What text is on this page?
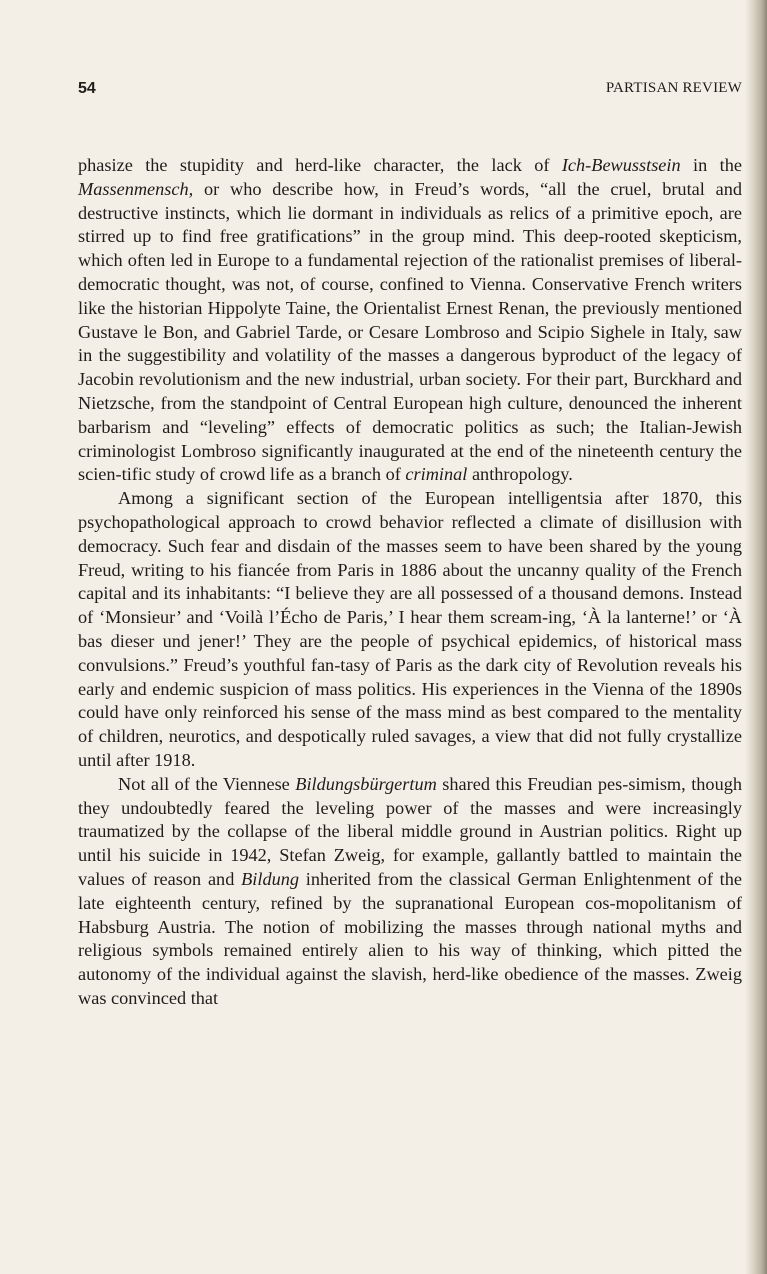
54	PARTISAN REVIEW

phasize the stupidity and herd-like character, the lack of Ich-Bewusstsein in the Massenmensch, or who describe how, in Freud’s words, “all the cruel, brutal and destructive instincts, which lie dormant in individuals as relics of a primitive epoch, are stirred up to find free gratifications” in the group mind. This deep-rooted skepticism, which often led in Europe to a fundamental rejection of the rationalist premises of liberal-democratic thought, was not, of course, confined to Vienna. Conservative French writers like the historian Hippolyte Taine, the Orientalist Ernest Renan, the previously mentioned Gustave le Bon, and Gabriel Tarde, or Cesare Lombroso and Scipio Sighele in Italy, saw in the suggestibility and volatility of the masses a dangerous byproduct of the legacy of Jacobin revolutionism and the new industrial, urban society. For their part, Burckhard and Nietzsche, from the standpoint of Central European high culture, denounced the inherent barbarism and “leveling” effects of democratic politics as such; the Italian-Jewish criminologist Lombroso significantly inaugurated at the end of the nineteenth century the scien-tific study of crowd life as a branch of criminal anthropology.

Among a significant section of the European intelligentsia after 1870, this psychopathological approach to crowd behavior reflected a climate of disillusion with democracy. Such fear and disdain of the masses seem to have been shared by the young Freud, writing to his fiancée from Paris in 1886 about the uncanny quality of the French capital and its inhabitants: “I believe they are all possessed of a thousand demons. Instead of ‘Monsieur’ and ‘Voilà l’Écho de Paris,’ I hear them scream-ing, ‘À la lanterne!’ or ‘À bas dieser und jener!’ They are the people of psychical epidemics, of historical mass convulsions.” Freud’s youthful fan-tasy of Paris as the dark city of Revolution reveals his early and endemic suspicion of mass politics. His experiences in the Vienna of the 1890s could have only reinforced his sense of the mass mind as best compared to the mentality of children, neurotics, and despotically ruled savages, a view that did not fully crystallize until after 1918.

Not all of the Viennese Bildungsbürgertum shared this Freudian pes-simism, though they undoubtedly feared the leveling power of the masses and were increasingly traumatized by the collapse of the liberal middle ground in Austrian politics. Right up until his suicide in 1942, Stefan Zweig, for example, gallantly battled to maintain the values of reason and Bildung inherited from the classical German Enlightenment of the late eighteenth century, refined by the supranational European cos-mopolitanism of Habsburg Austria. The notion of mobilizing the masses through national myths and religious symbols remained entirely alien to his way of thinking, which pitted the autonomy of the individual against the slavish, herd-like obedience of the masses. Zweig was convinced that
